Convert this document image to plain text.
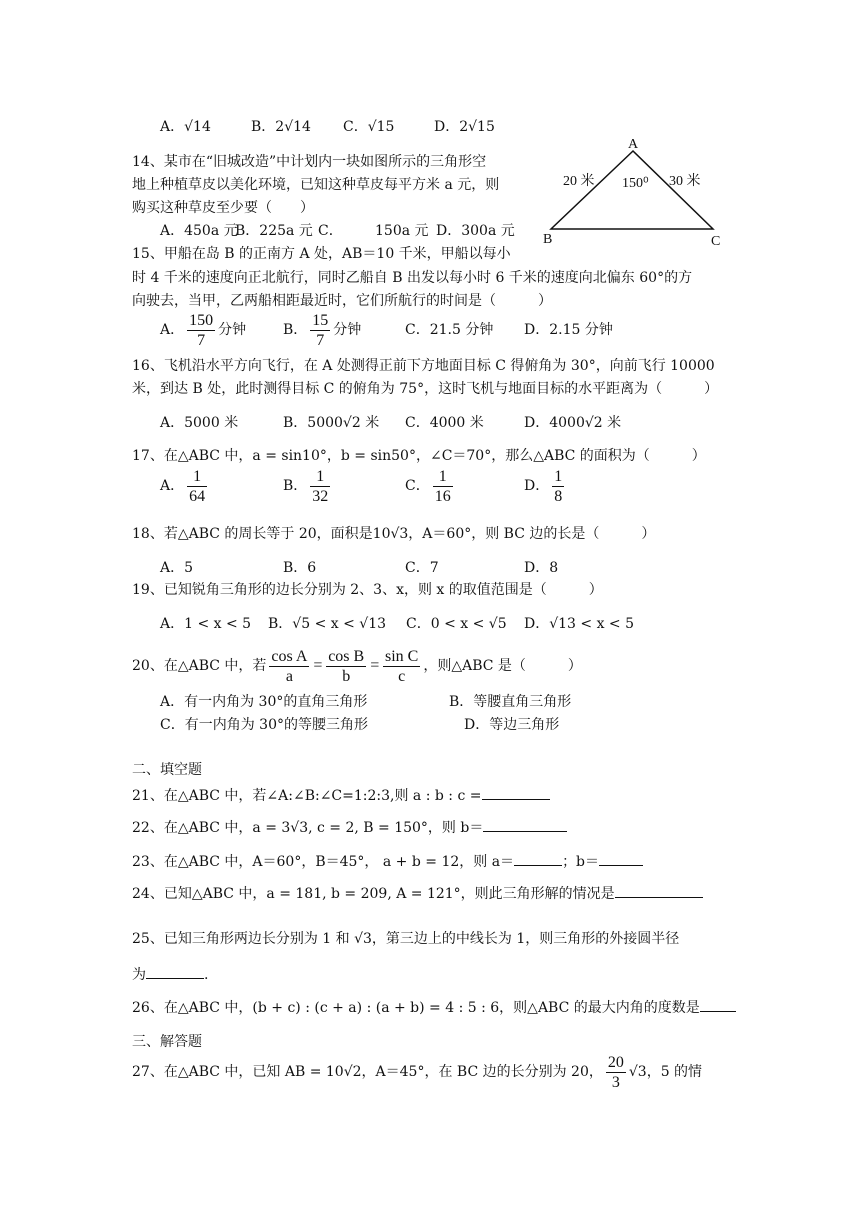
A．√14	B．2√14 C．√15	D．2√15
14、某市在“旧城改造”中计划内一块如图所示的三角形空
地上种植草皮以美化环境，已知这种草皮每平方米 a 元，则
购买这种草皮至少要（　　）
A．450a 元
B．225a 元 C． 150a 元 D．300a 元
A
B	C
20 米	30 米
150⁰
15、甲船在岛 B 的正南方 A 处，AB＝10 千米，甲船以每小
时 4 千米的速度向正北航行，同时乙船自 B 出发以每小时 6 千米的速度向北偏东 60°的方
向驶去，当甲，乙两船相距最近时，它们所航行的时间是（　　　）
A． $\frac{150}{7}$ 分钟	B． $\frac{15}{7}$ 分钟	C．21.5 分钟 D．2.15 分钟
16、飞机沿水平方向飞行，在 A 处测得正前下方地面目标 C 得俯角为 30°，向前飞行 10000
米，到达 B 处，此时测得目标 C 的俯角为 75°，这时飞机与地面目标的水平距离为（　　　）
A．5000 米	B．5000√2 米 C．4000 米	D．4000√2 米
17、在△ABC 中，a = sin10°，b = sin50°，∠C＝70°，那么△ABC 的面积为（　　　）
A． $\frac{1}{64}$	B． $\frac{1}{32}$	C． $\frac{1}{16}$	D． $\frac{1}{8}$
18、若△ABC 的周长等于 20，面积是10√3，A＝60°，则 BC 边的长是（　　　）
A．5	B．6	C．7	D．8
19、已知锐角三角形的边长分别为 2、3、x，则 x 的取值范围是（　　　）
A．1 < x < 5 B．√5 < x < √13 C．0 < x < √5 D．√13 < x < 5
20、在△ABC 中，若 $\frac{\text{cos A}}{a} = \frac{\text{cos B}}{b} = \frac{\text{sin C}}{c}$ ，则△ABC 是（　　　）
A．有一内角为 30°的直角三角形	B．等腰直角三角形
C．有一内角为 30°的等腰三角形	D．等边三角形
二、填空题
21、在△ABC 中，若∠A:∠B:∠C=1:2:3,则 a : b : c =
22、在△ABC 中，a = 3√3, c = 2, B = 150°，则 b＝
23、在△ABC 中，A＝60°，B＝45°， a + b = 12，则 a＝	；b＝
24、已知△ABC 中，a = 181, b = 209, A = 121°，则此三角形解的情况是
25、已知三角形两边长分别为 1 和 √3，第三边上的中线长为 1，则三角形的外接圆半径
为	.
26、在△ABC 中，(b + c) : (c + a) : (a + b) = 4 : 5 : 6，则△ABC 的最大内角的度数是
三、解答题
27、在△ABC 中，已知 AB = 10√2，A＝45°，在 BC 边的长分别为 20， $\frac{20}{3} √3$，5 的情
